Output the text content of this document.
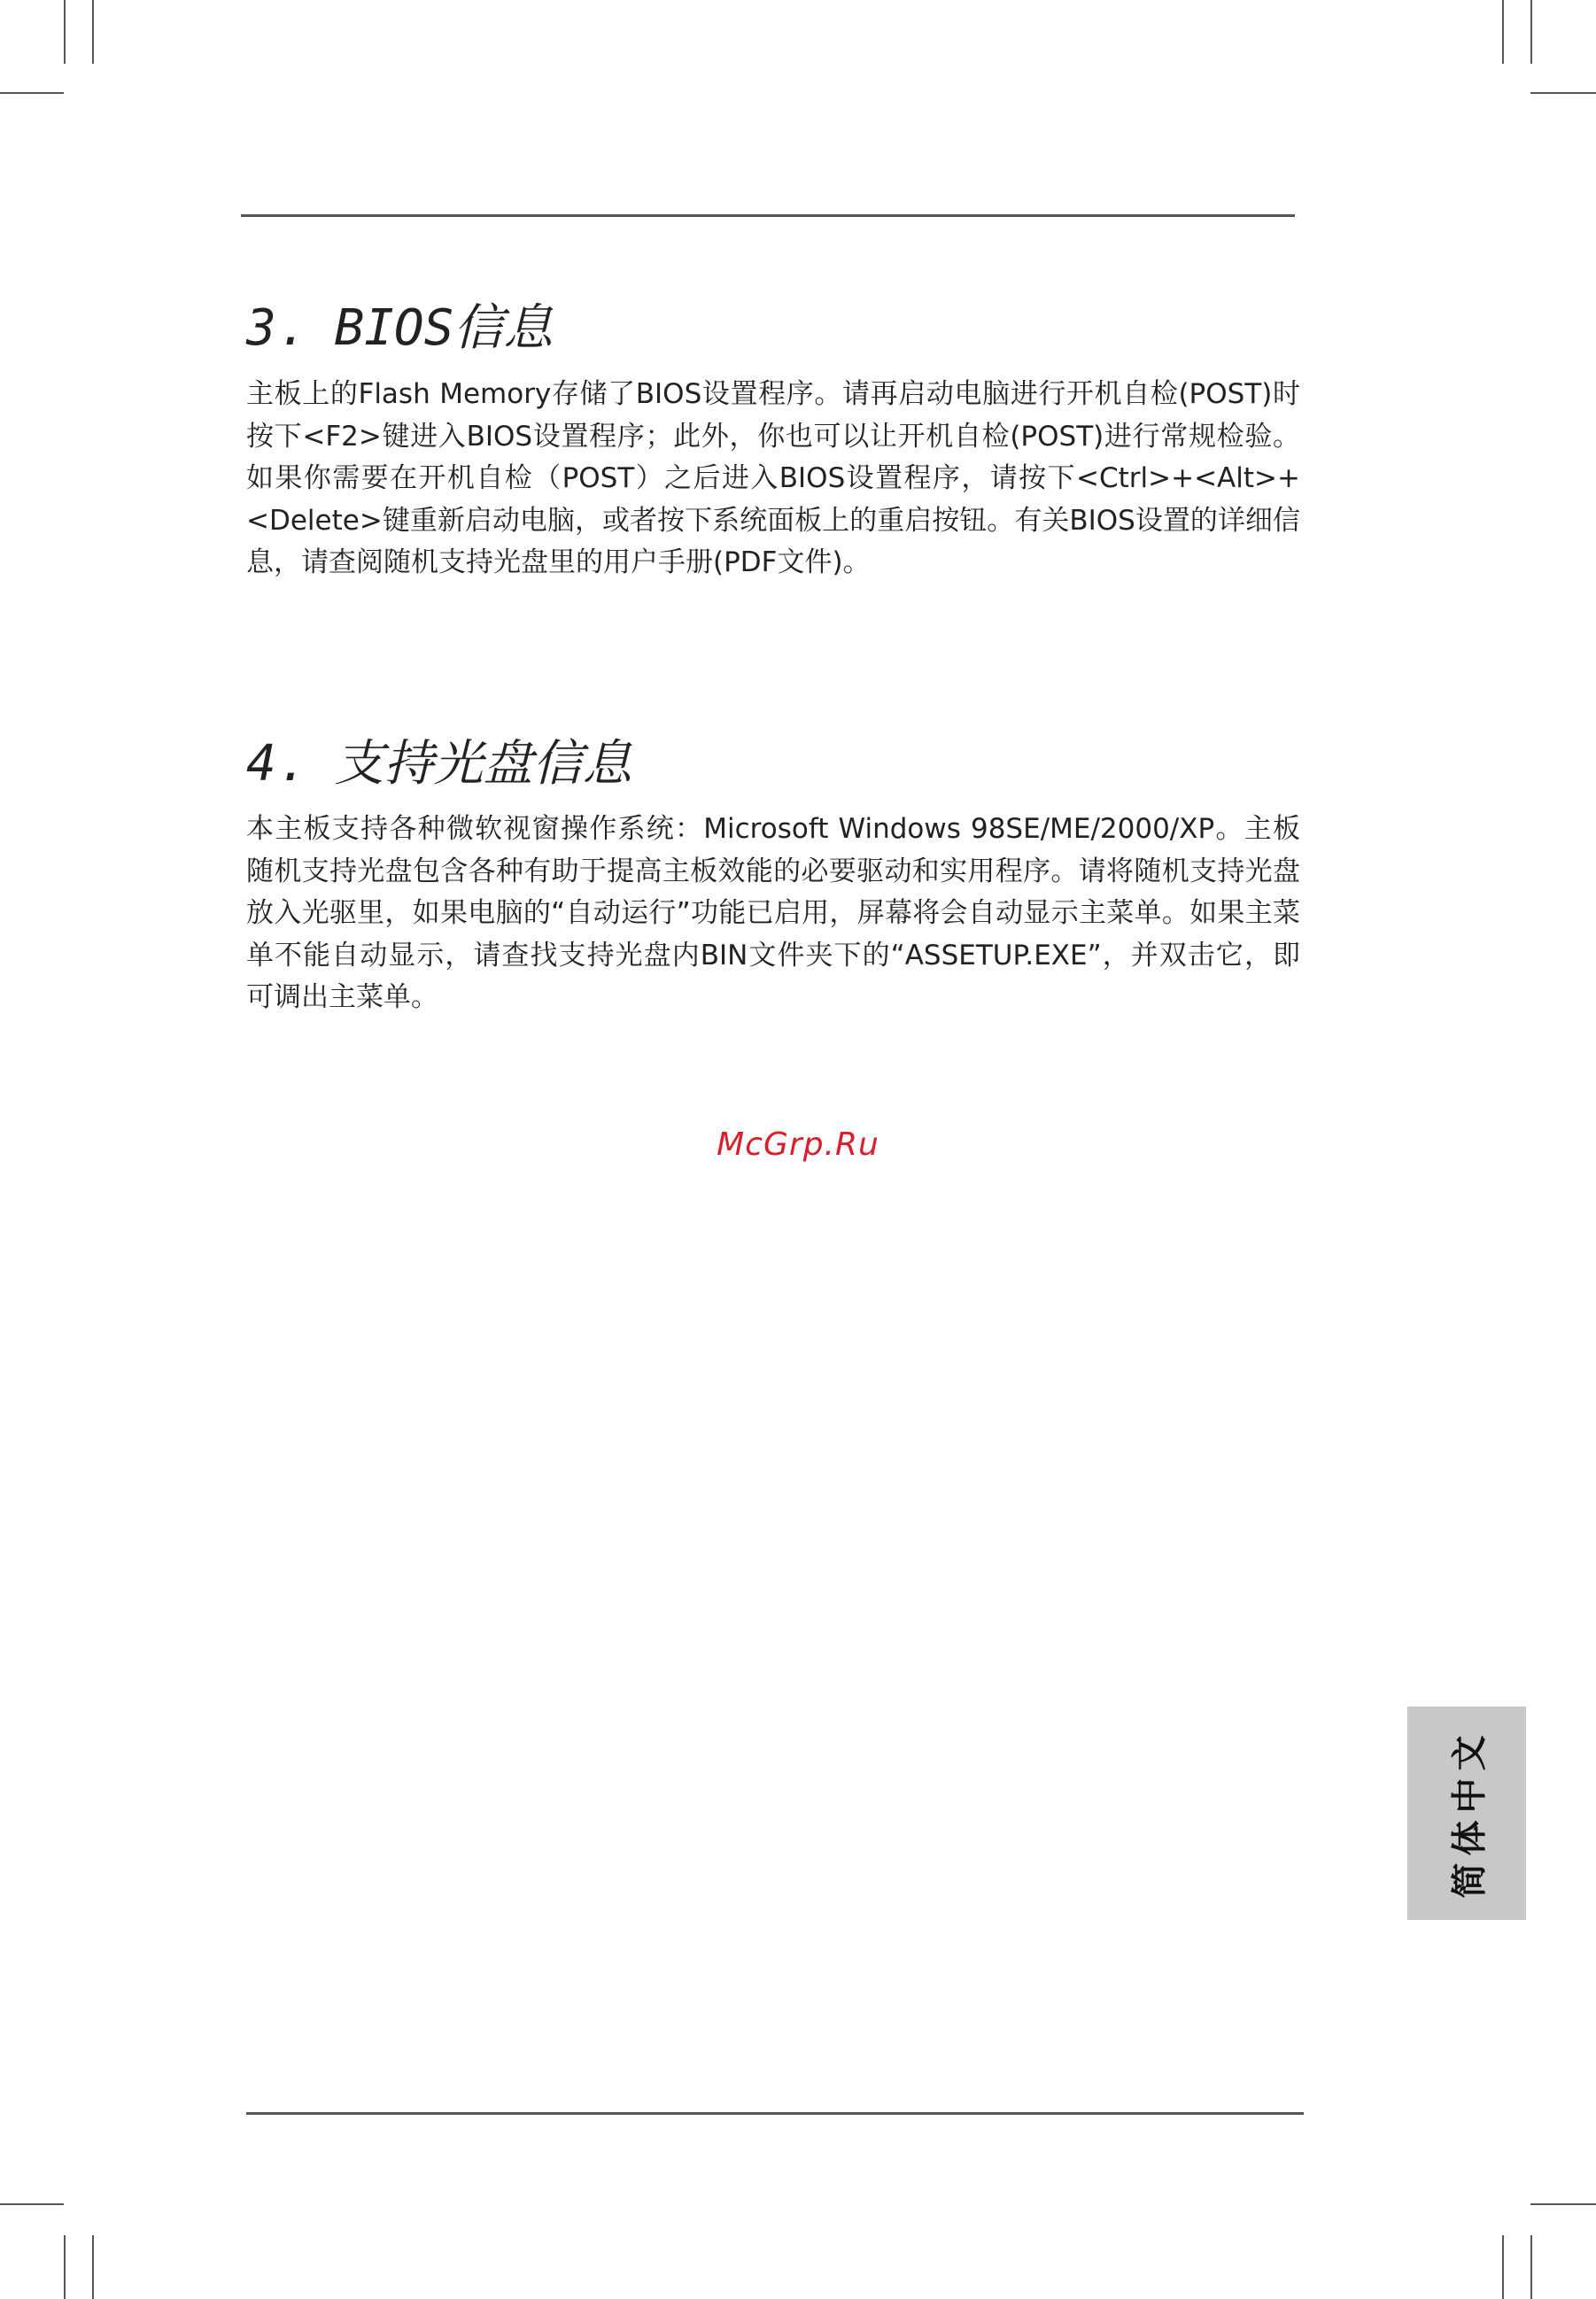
3. BIOS信息

主板上的Flash Memory存储了BIOS设置程序。请再启动电脑进行开机自检(POST)时按下<F2>键进入BIOS设置程序；此外，你也可以让开机自检(POST)进行常规检验。如果你需要在开机自检（POST）之后进入BIOS设置程序，请按下<Ctrl>+<Alt>+<Delete>键重新启动电脑，或者按下系统面板上的重启按钮。有关BIOS设置的详细信息，请查阅随机支持光盘里的用户手册(PDF文件)。

4. 支持光盘信息

本主板支持各种微软视窗操作系统：Microsoft Windows 98SE/ME/2000/XP。主板随机支持光盘包含各种有助于提高主板效能的必要驱动和实用程序。请将随机支持光盘放入光驱里，如果电脑的“自动运行”功能已启用，屏幕将会自动显示主菜单。如果主菜单不能自动显示，请查找支持光盘内BIN文件夹下的“ASSETUP.EXE”，并双击它，即可调出主菜单。

McGrp.Ru
简体中文
